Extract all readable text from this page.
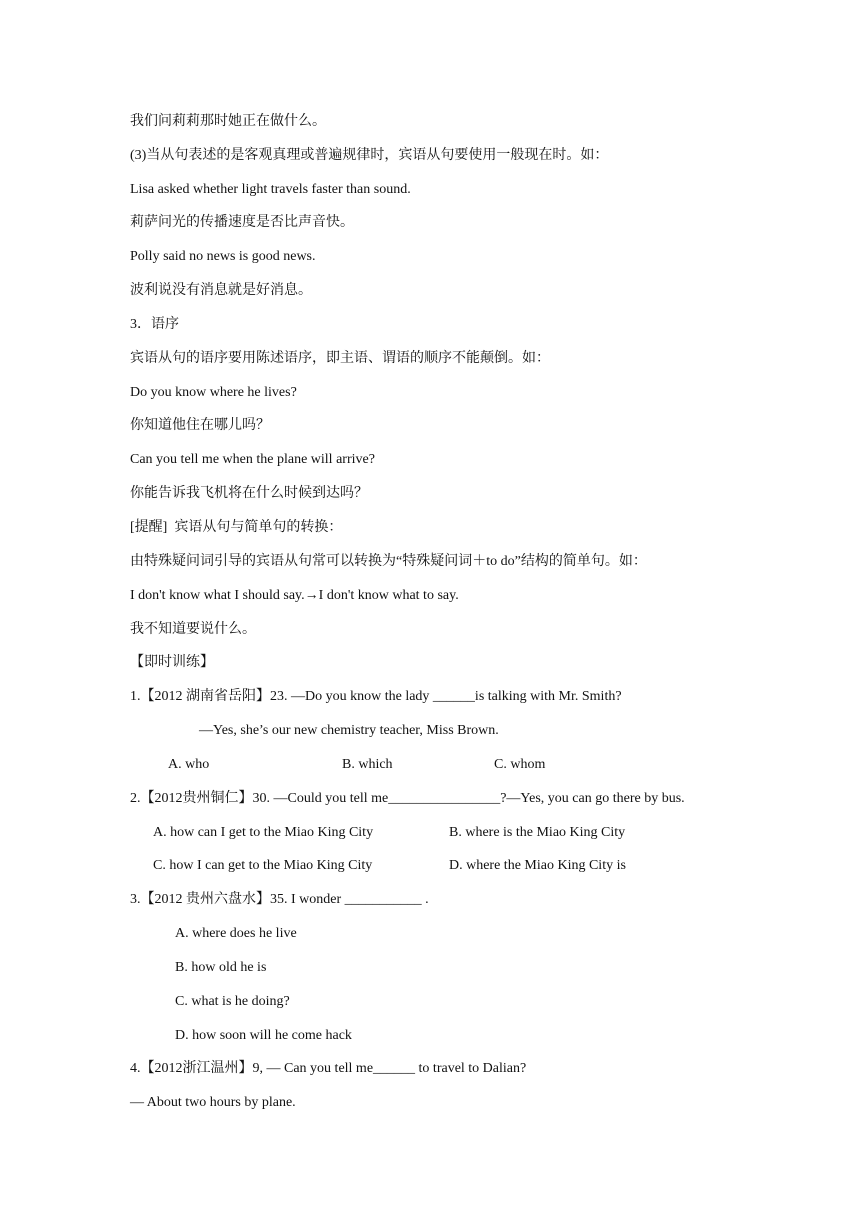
我们问莉莉那时她正在做什么。
(3)当从句表述的是客观真理或普遍规律时，宾语从句要使用一般现在时。如：
Lisa asked whether light travels faster than sound.
莉萨问光的传播速度是否比声音快。
Polly said no news is good news.
波利说没有消息就是好消息。
3．语序
宾语从句的语序要用陈述语序，即主语、谓语的顺序不能颠倒。如：
Do you know where he lives?
你知道他住在哪儿吗？
Can you tell me when the plane will arrive?
你能告诉我飞机将在什么时候到达吗？
[提醒]  宾语从句与简单句的转换：
由特殊疑问词引导的宾语从句常可以转换为“特殊疑问词＋to do”结构的简单句。如：
I don't know what I should say.→I don't know what to say.
我不知道要说什么。
【即时训练】
1.【2012 湖南省岳阳】23. —Do you know the lady ______is talking with Mr. Smith?
—Yes, she’s our new chemistry teacher, Miss Brown.
A. who	B. which	C. whom
2.【2012贵州铜仁】30. —Could you tell me________________?—Yes, you can go there by bus.
A. how can I get to the Miao King City	B. where is the Miao King City
C. how I can get to the Miao King City	D. where the Miao King City is
3.【2012 贵州六盘水】35. I wonder ___________ .
A. where does he live
B. how old he is
C. what is he doing?
D. how soon will he come hack
4.【2012浙江温州】9, — Can you tell me______ to travel to Dalian?
— About two hours by plane.
